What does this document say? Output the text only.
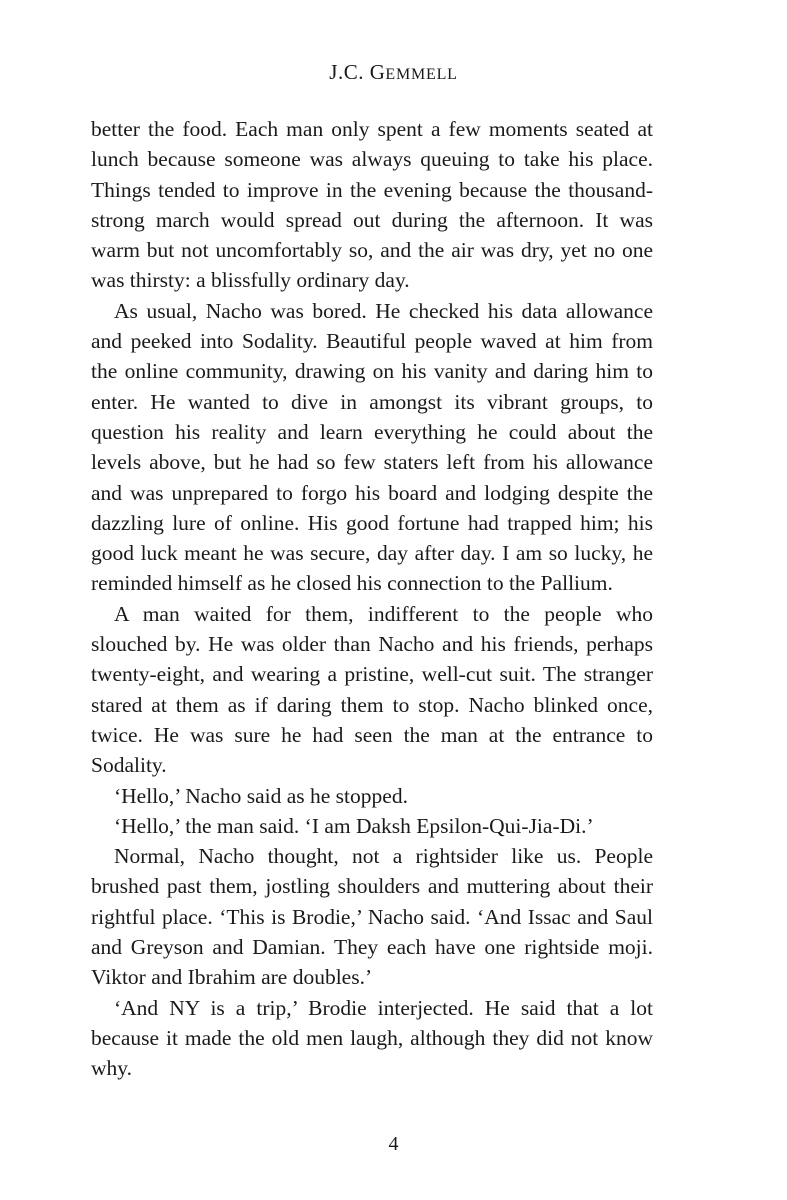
J.C. GEMMELL

better the food. Each man only spent a few moments seated at lunch because someone was always queuing to take his place. Things tended to improve in the evening because the thousand-strong march would spread out during the afternoon. It was warm but not uncomfortably so, and the air was dry, yet no one was thirsty: a blissfully ordinary day.

As usual, Nacho was bored. He checked his data allowance and peeked into Sodality. Beautiful people waved at him from the online community, drawing on his vanity and daring him to enter. He wanted to dive in amongst its vibrant groups, to question his reality and learn everything he could about the levels above, but he had so few staters left from his allowance and was unprepared to forgo his board and lodging despite the dazzling lure of online. His good fortune had trapped him; his good luck meant he was secure, day after day. I am so lucky, he reminded himself as he closed his connection to the Pallium.

A man waited for them, indifferent to the people who slouched by. He was older than Nacho and his friends, perhaps twenty-eight, and wearing a pristine, well-cut suit. The stranger stared at them as if daring them to stop. Nacho blinked once, twice. He was sure he had seen the man at the entrance to Sodality.

‘Hello,’ Nacho said as he stopped.

‘Hello,’ the man said. ‘I am Daksh Epsilon-Qui-Jia-Di.’

Normal, Nacho thought, not a rightsider like us. People brushed past them, jostling shoulders and muttering about their rightful place. ‘This is Brodie,’ Nacho said. ‘And Issac and Saul and Greyson and Damian. They each have one rightside moji. Viktor and Ibrahim are doubles.’

‘And NY is a trip,’ Brodie interjected. He said that a lot because it made the old men laugh, although they did not know why.

4
